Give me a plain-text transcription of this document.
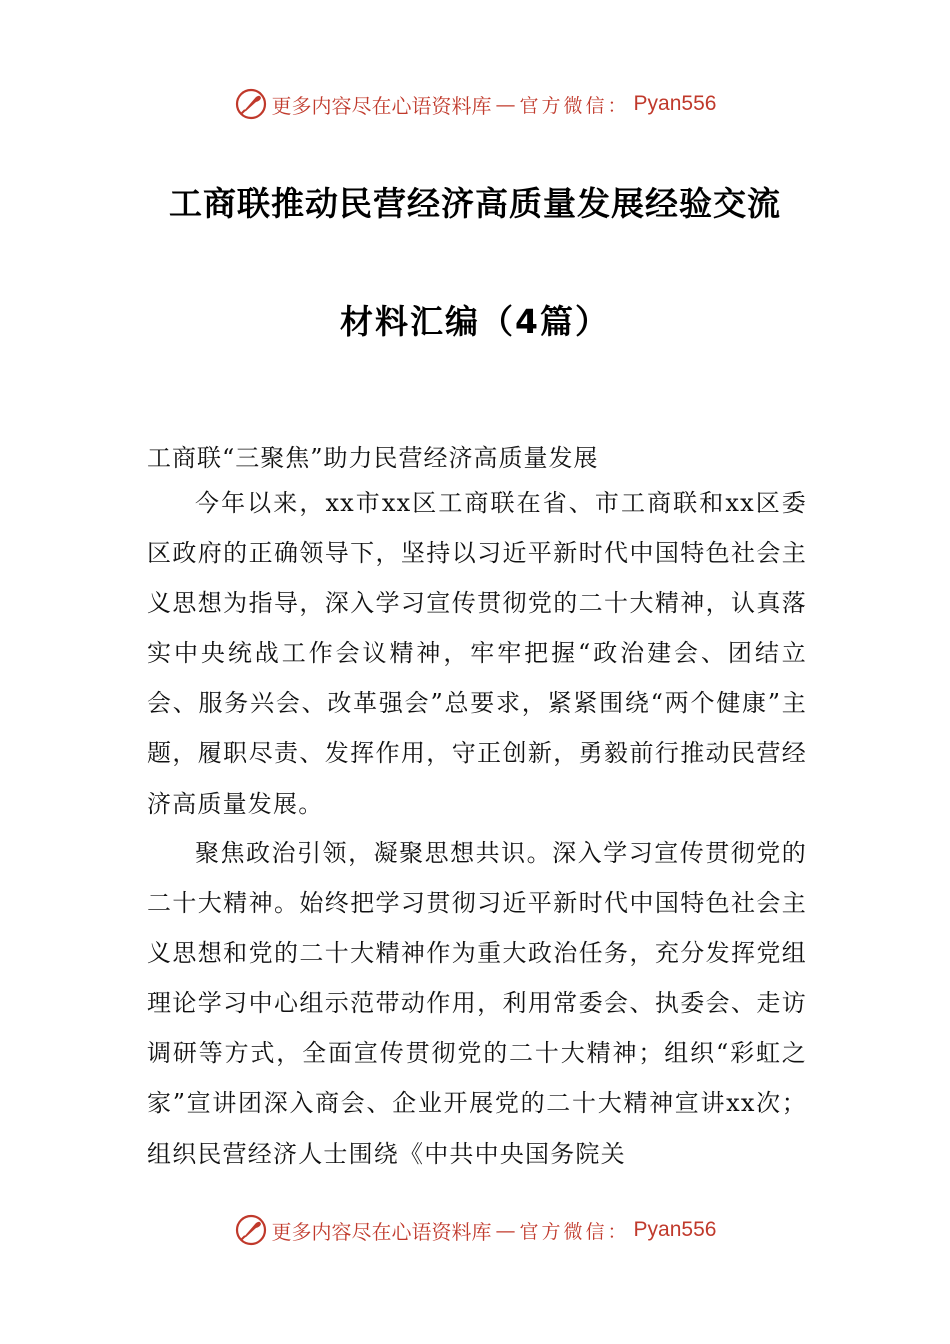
更多内容尽在心语资料库 — 官方微信： Pyan556
工商联推动民营经济高质量发展经验交流
材料汇编（4篇）
工商联“三聚焦”助力民营经济高质量发展

今年以来，xx市xx区工商联在省、市工商联和xx区委区政府的正确领导下，坚持以习近平新时代中国特色社会主义思想为指导，深入学习宣传贯彻党的二十大精神，认真落实中央统战工作会议精神，牢牢把握“政治建会、团结立会、服务兴会、改革强会”总要求，紧紧围绕“两个健康”主题，履职尽责、发挥作用，守正创新，勇毅前行推动民营经济高质量发展。

聚焦政治引领，凝聚思想共识。深入学习宣传贯彻党的二十大精神。始终把学习贯彻习近平新时代中国特色社会主义思想和党的二十大精神作为重大政治任务，充分发挥党组理论学习中心组示范带动作用，利用常委会、执委会、走访调研等方式，全面宣传贯彻党的二十大精神；组织“彩虹之家”宣讲团深入商会、企业开展党的二十大精神宣讲xx次；组织民营经济人士围绕《中共中央国务院关

更多内容尽在心语资料库 — 官方微信： Pyan556
